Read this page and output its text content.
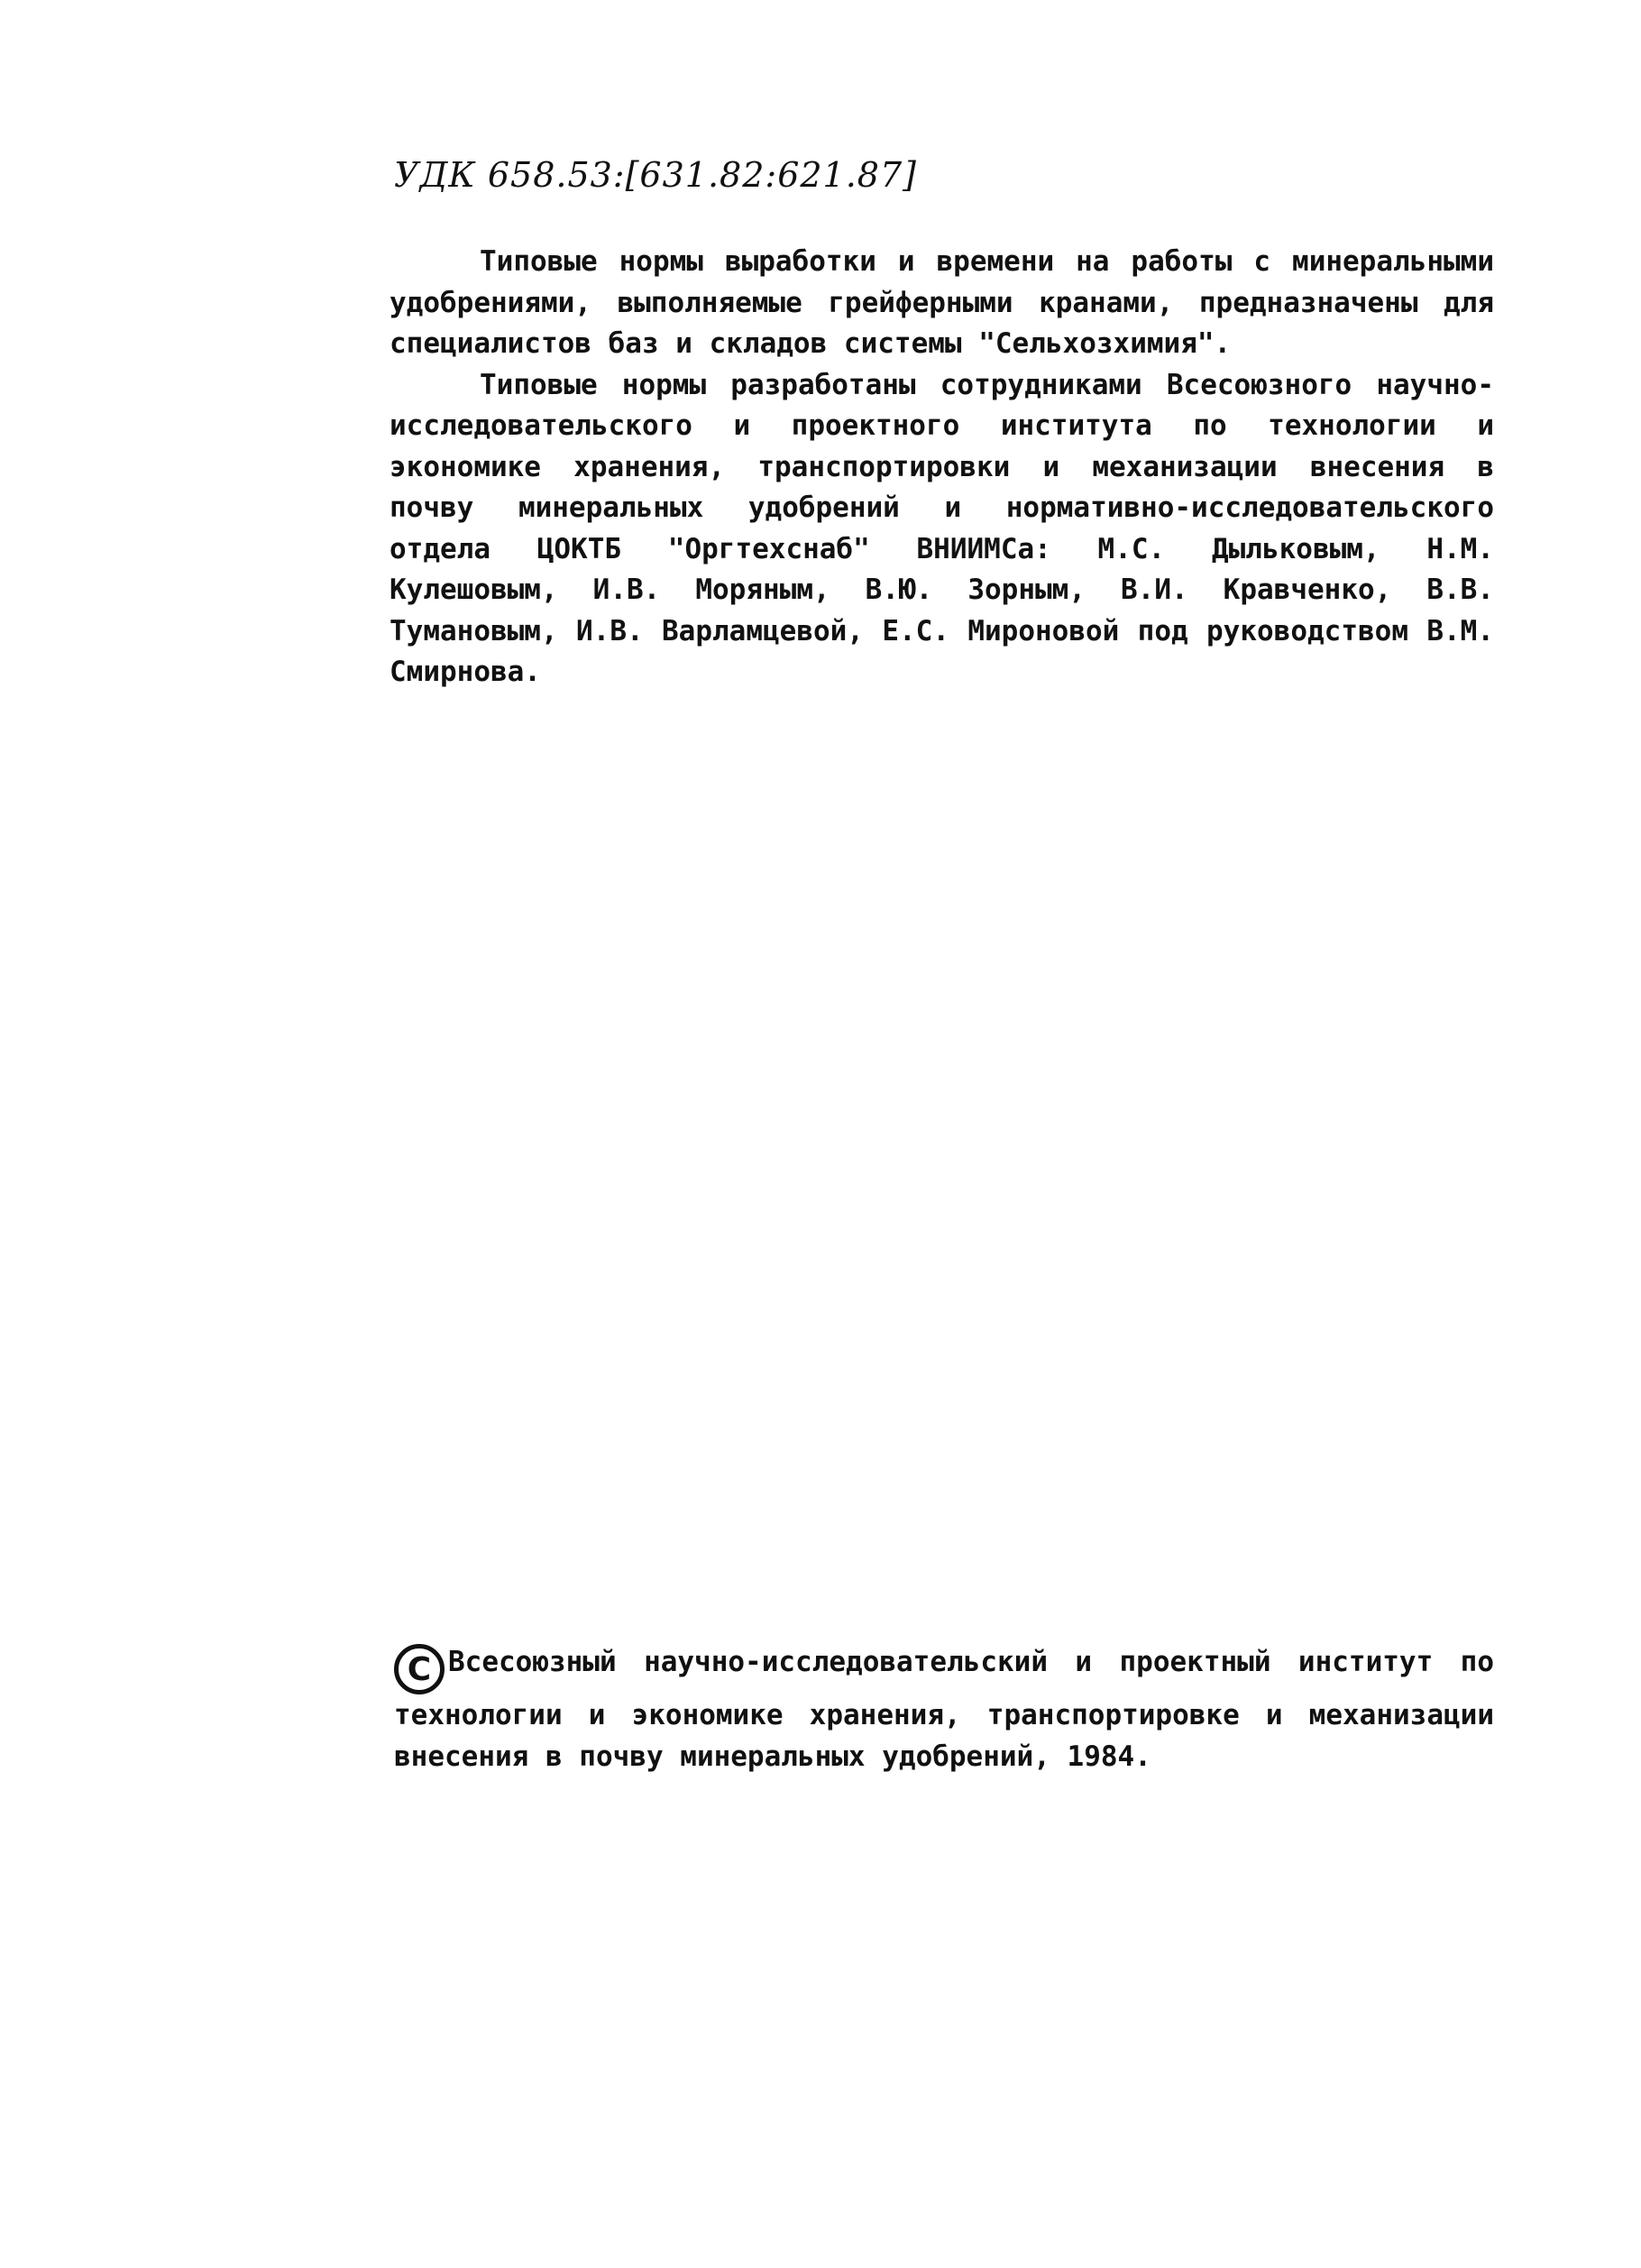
УДК 658.53:[631.82:621.87]

Типовые нормы выработки и времени на работы с минеральными удобрениями, выполняемые грейферными кранами, предназначены для специалистов баз и складов системы "Сельхозхимия".

Типовые нормы разработаны сотрудниками Всесоюзного научно-исследовательского и проектного института по технологии и экономике хранения, транспортировки и механизации внесения в почву минеральных удобрений и нормативно-исследовательского отдела ЦОКТБ "Оргтехснаб" ВНИИМСа: М.С. Дыльковым, Н.М. Кулешовым, И.В. Моряным, В.Ю. Зорным, В.И. Кравченко, В.В. Тумановым, И.В. Варламцевой, Е.С. Мироновой под руководством В.М. Смирнова.

C Всесоюзный научно-исследовательский и проектный институт по технологии и экономике хранения, транспортировке и механизации внесения в почву минеральных удобрений, 1984.
